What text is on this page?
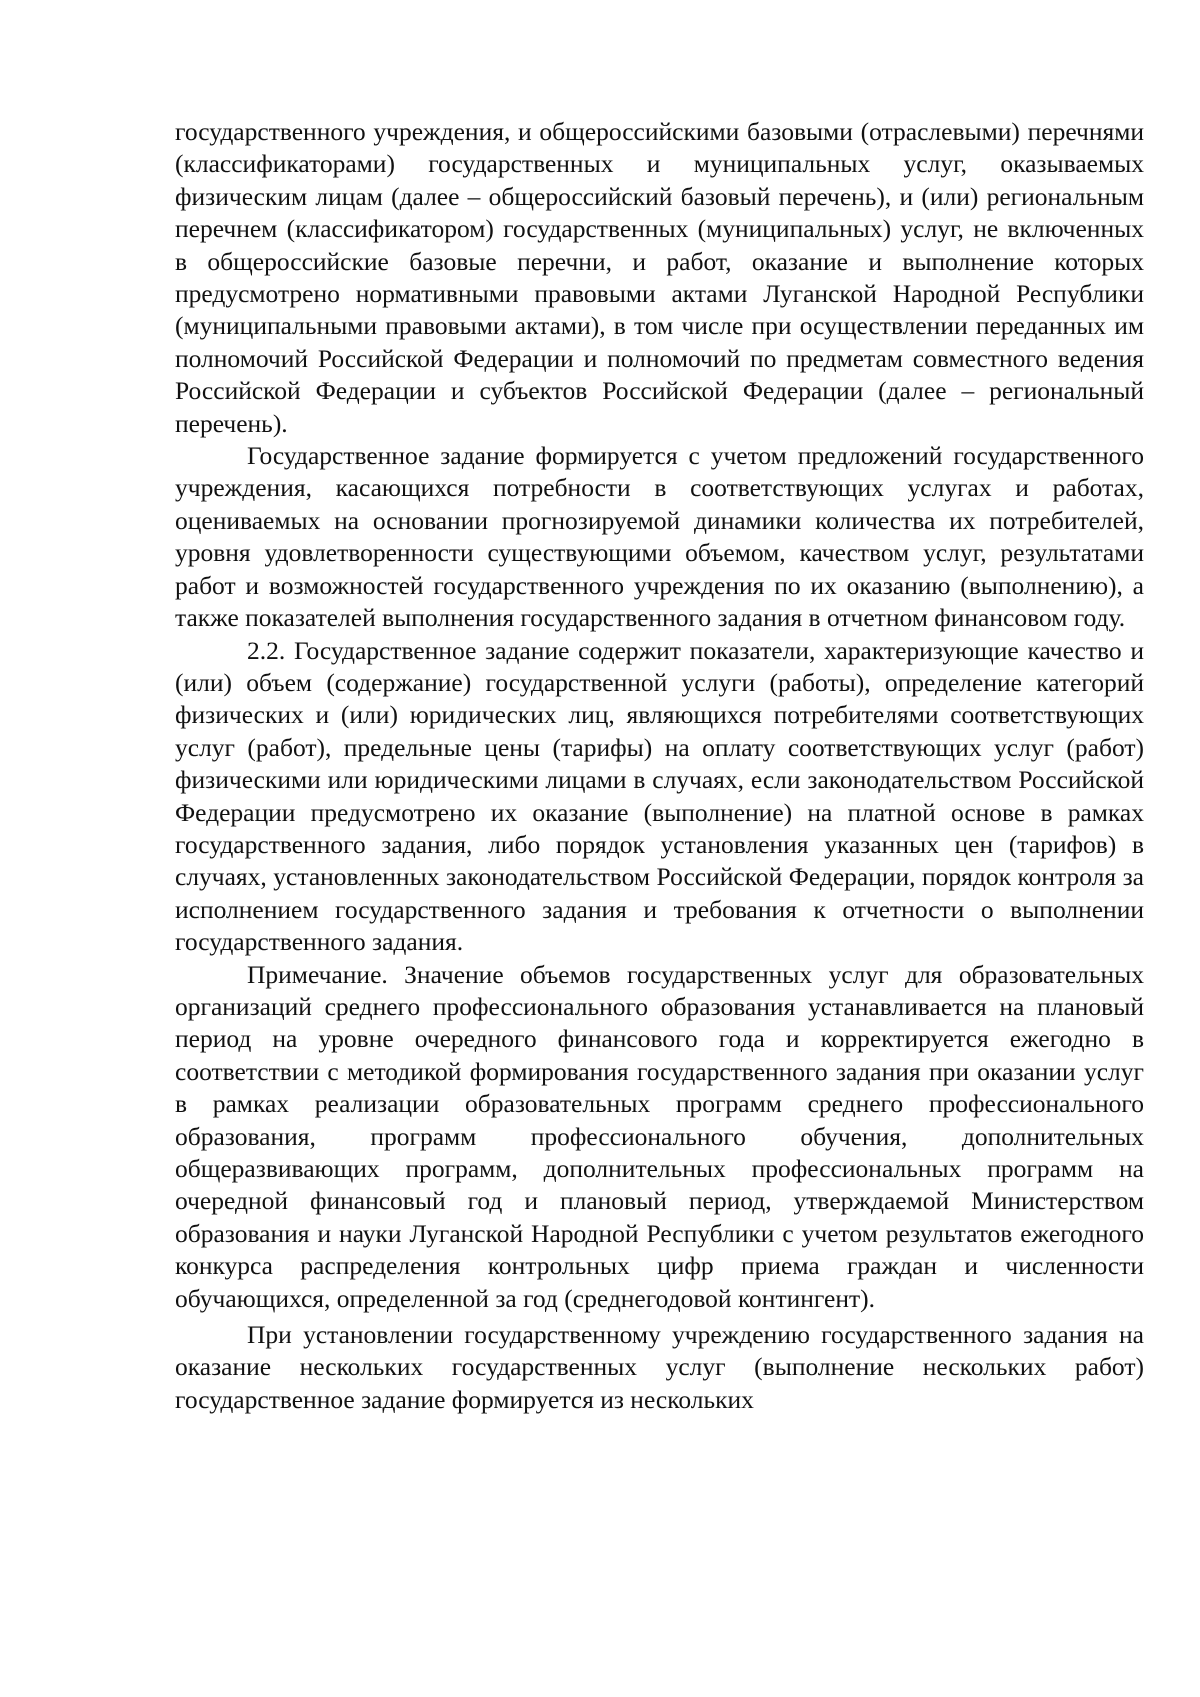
государственного учреждения, и общероссийскими базовыми (отраслевыми) перечнями (классификаторами) государственных и муниципальных услуг, оказываемых физическим лицам (далее – общероссийский базовый перечень), и (или) региональным перечнем (классификатором) государственных (муниципальных) услуг, не включенных в общероссийские базовые перечни, и работ, оказание и выполнение которых предусмотрено нормативными правовыми актами Луганской Народной Республики (муниципальными правовыми актами), в том числе при осуществлении переданных им полномочий Российской Федерации и полномочий по предметам совместного ведения Российской Федерации и субъектов Российской Федерации (далее – региональный перечень).

Государственное задание формируется с учетом предложений государственного учреждения, касающихся потребности в соответствующих услугах и работах, оцениваемых на основании прогнозируемой динамики количества их потребителей, уровня удовлетворенности существующими объемом, качеством услуг, результатами работ и возможностей государственного учреждения по их оказанию (выполнению), а также показателей выполнения государственного задания в отчетном финансовом году.

2.2. Государственное задание содержит показатели, характеризующие качество и (или) объем (содержание) государственной услуги (работы), определение категорий физических и (или) юридических лиц, являющихся потребителями соответствующих услуг (работ), предельные цены (тарифы) на оплату соответствующих услуг (работ) физическими или юридическими лицами в случаях, если законодательством Российской Федерации предусмотрено их оказание (выполнение) на платной основе в рамках государственного задания, либо порядок установления указанных цен (тарифов) в случаях, установленных законодательством Российской Федерации, порядок контроля за исполнением государственного задания и требования к отчетности о выполнении государственного задания.

Примечание. Значение объемов государственных услуг для образовательных организаций среднего профессионального образования устанавливается на плановый период на уровне очередного финансового года и корректируется ежегодно в соответствии с методикой формирования государственного задания при оказании услуг в рамках реализации образовательных программ среднего профессионального образования, программ профессионального обучения, дополнительных общеразвивающих программ, дополнительных профессиональных программ на очередной финансовый год и плановый период, утверждаемой Министерством образования и науки Луганской Народной Республики с учетом результатов ежегодного конкурса распределения контрольных цифр приема граждан и численности обучающихся, определенной за год (среднегодовой контингент).

При установлении государственному учреждению государственного задания на оказание нескольких государственных услуг (выполнение нескольких работ) государственное задание формируется из нескольких
